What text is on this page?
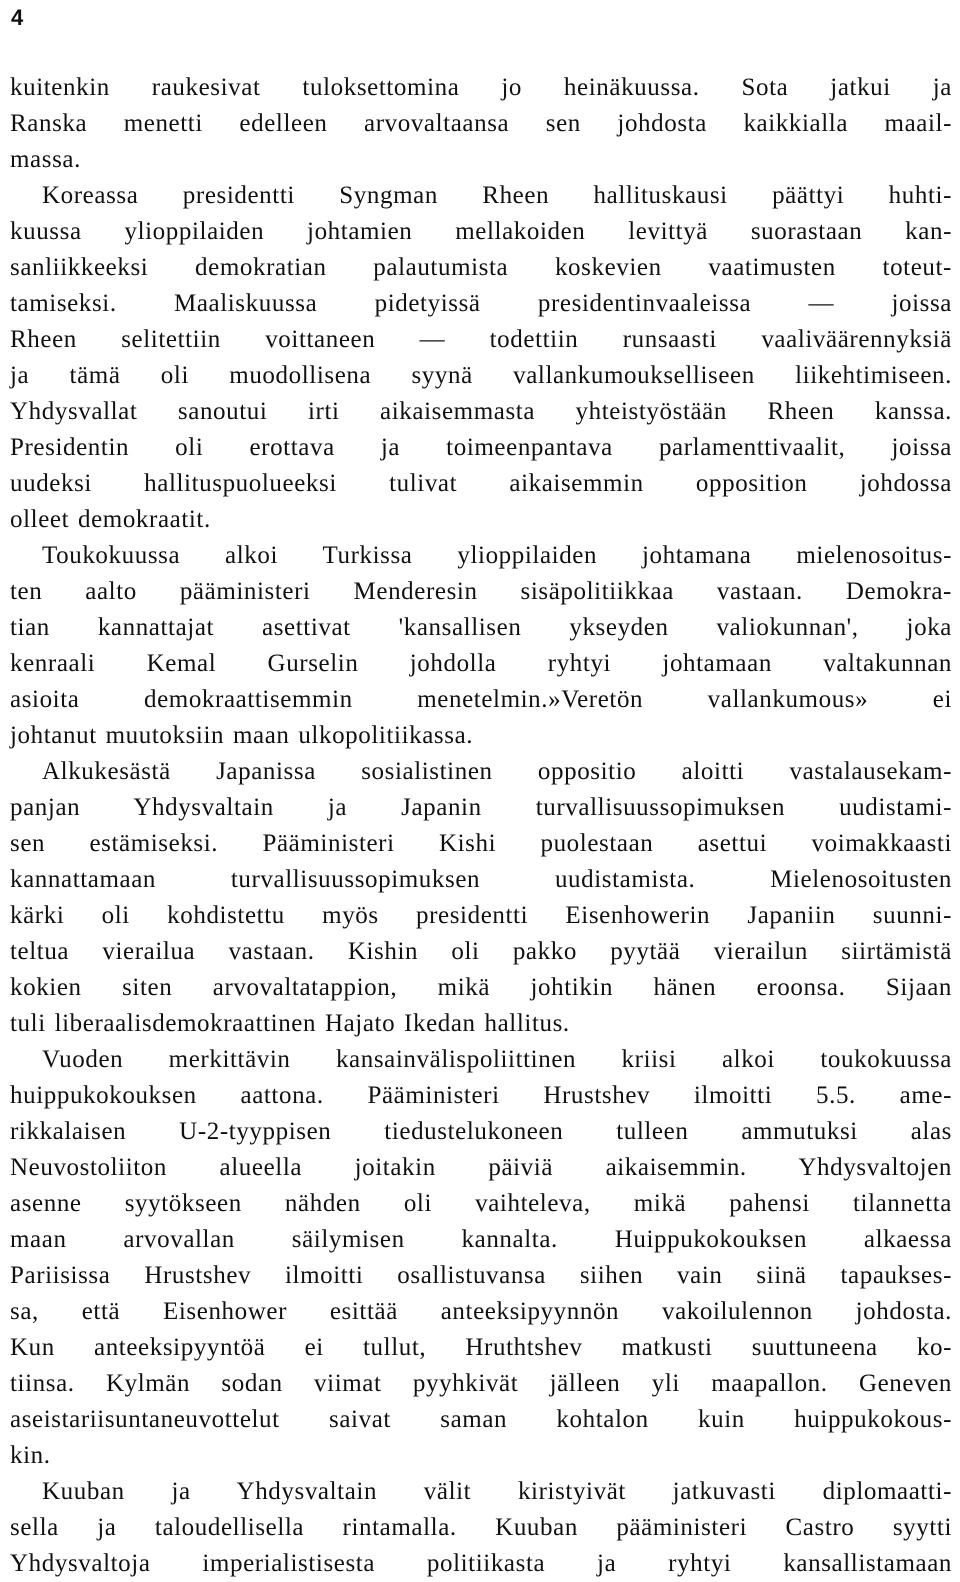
4
kuitenkin raukesivat tuloksettomina jo heinäkuussa. Sota jatkui ja
Ranska menetti edelleen arvovaltaansa sen johdosta kaikkialla maail-
massa.
Koreassa presidentti Syngman Rheen hallituskausi päättyi huhti-
kuussa ylioppilaiden johtamien mellakoiden levittyä suorastaan kan-
sanliikkeeksi demokratian palautumista koskevien vaatimusten toteut-
tamiseksi. Maaliskuussa pidetyissä presidentinvaaleissa — joissa
Rheen selitettiin voittaneen — todettiin runsaasti vaaliväärennyksiä
ja tämä oli muodollisena syynä vallankumoukselliseen liikehtimiseen.
Yhdysvallat sanoutui irti aikaisemmasta yhteistyöstään Rheen kanssa.
Presidentin oli erottava ja toimeenpantava parlamenttivaalit, joissa
uudeksi hallituspuolueeksi tulivat aikaisemmin opposition johdossa
olleet demokraatit.
Toukokuussa alkoi Turkissa ylioppilaiden johtamana mielenosoitus-
ten aalto pääministeri Menderesin sisäpolitiikkaa vastaan. Demokra-
tian kannattajat asettivat 'kansallisen ykseyden valiokunnan', joka
kenraali Kemal Gurselin johdolla ryhtyi johtamaan valtakunnan
asioita demokraattisemmin menetelmin.»Veretön vallankumous» ei
johtanut muutoksiin maan ulkopolitiikassa.
Alkukesästä Japanissa sosialistinen oppositio aloitti vastalausekam-
panjan Yhdysvaltain ja Japanin turvallisuussopimuksen uudistami-
sen estämiseksi. Pääministeri Kishi puolestaan asettui voimakkaasti
kannattamaan turvallisuussopimuksen uudistamista. Mielenosoitusten
kärki oli kohdistettu myös presidentti Eisenhowerin Japaniin suunni-
teltua vierailua vastaan. Kishin oli pakko pyytää vierailun siirtämistä
kokien siten arvovaltatappion, mikä johtikin hänen eroonsa. Sijaan
tuli liberaalisdemokraattinen Hajato Ikedan hallitus.
Vuoden merkittävin kansainvälispoliittinen kriisi alkoi toukokuussa
huippukokouksen aattona. Pääministeri Hrustshev ilmoitti 5.5. ame-
rikkalaisen U-2-tyyppisen tiedustelukoneen tulleen ammutuksi alas
Neuvostoliiton alueella joitakin päiviä aikaisemmin. Yhdysvaltojen
asenne syytökseen nähden oli vaihteleva, mikä pahensi tilannetta
maan arvovallan säilymisen kannalta. Huippukokouksen alkaessa
Pariisissa Hrustshev ilmoitti osallistuvansa siihen vain siinä tapaukses-
sa, että Eisenhower esittää anteeksipyynnön vakoilulennon johdosta.
Kun anteeksipyyntöä ei tullut, Hruthtshev matkusti suuttuneena ko-
tiinsa. Kylmän sodan viimat pyyhkivät jälleen yli maapallon. Geneven
aseistariisuntaneuvottelut saivat saman kohtalon kuin huippukokous-
kin.
Kuuban ja Yhdysvaltain välit kiristyivät jatkuvasti diplomaatti-
sella ja taloudellisella rintamalla. Kuuban pääministeri Castro syytti
Yhdysvaltoja imperialistisesta politiikasta ja ryhtyi kansallistamaan
